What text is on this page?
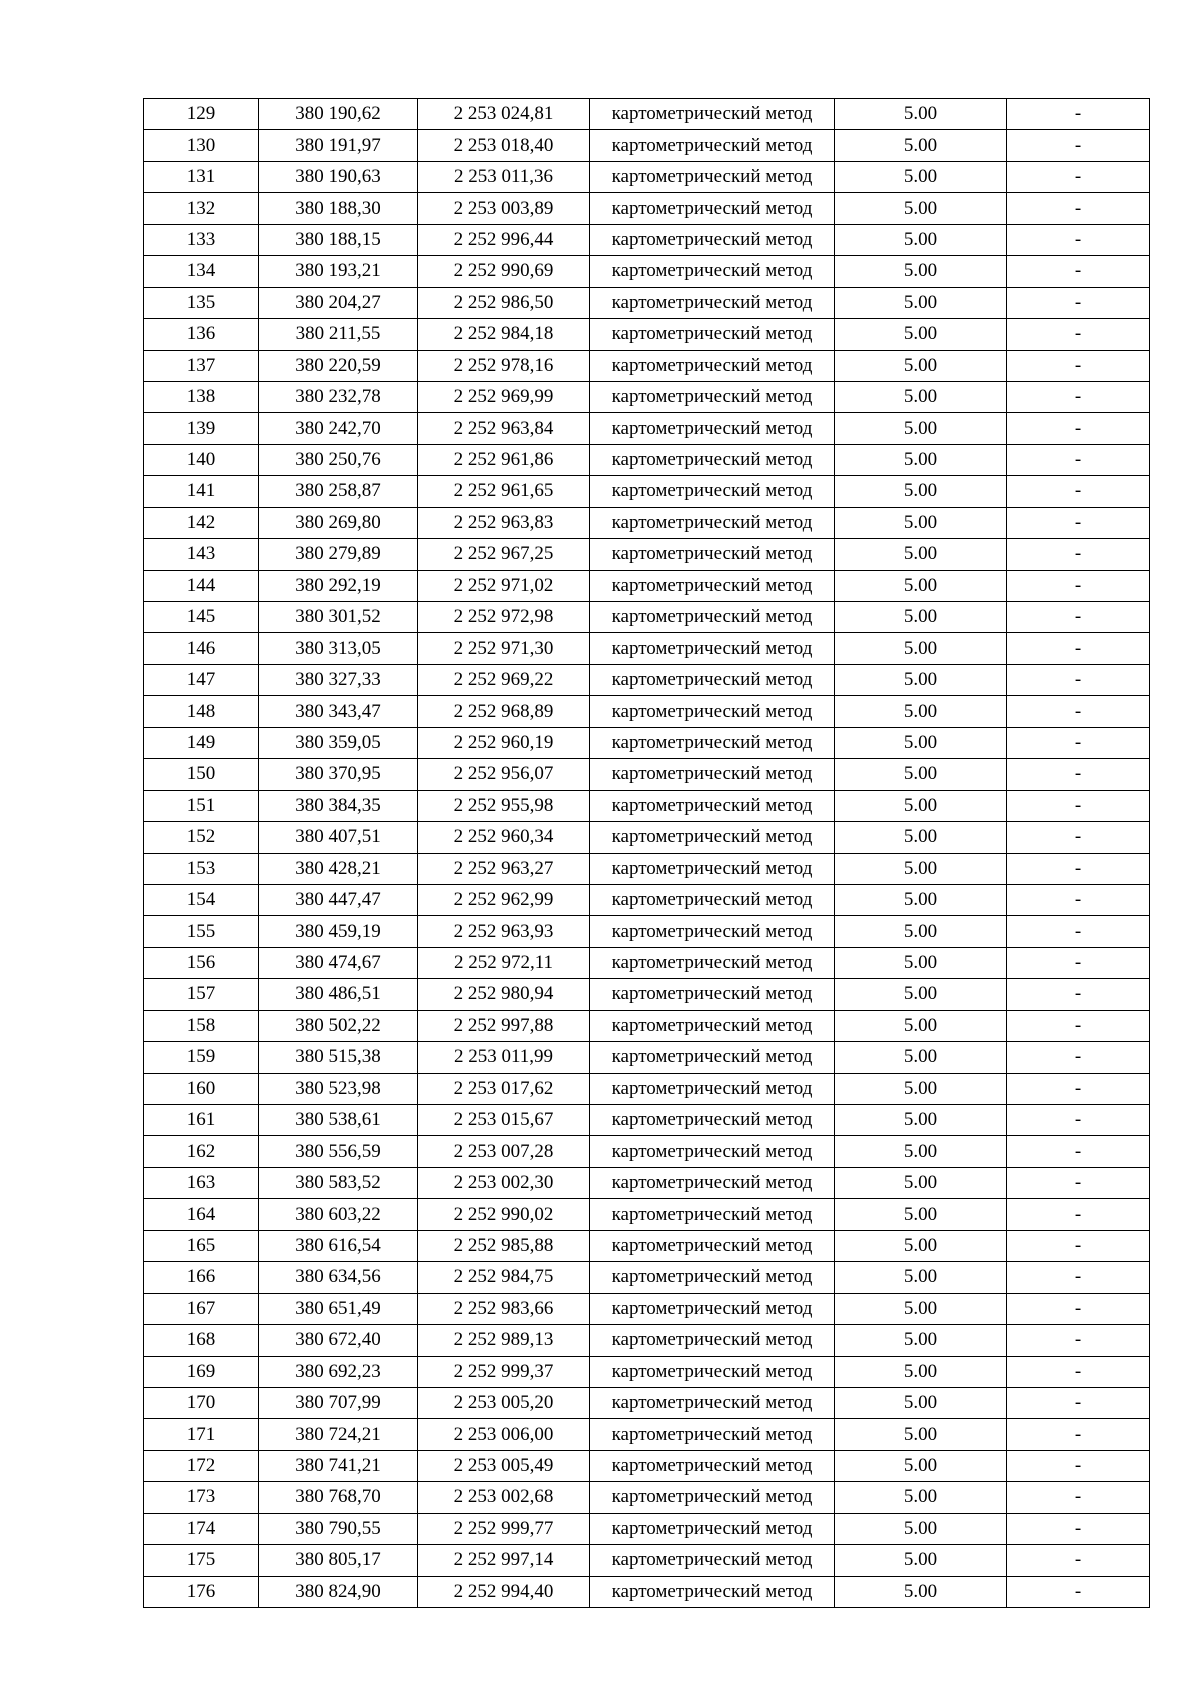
129	380 190,62	2 253 024,81	картометрический метод	5.00	-
130	380 191,97	2 253 018,40	картометрический метод	5.00	-
131	380 190,63	2 253 011,36	картометрический метод	5.00	-
132	380 188,30	2 253 003,89	картометрический метод	5.00	-
133	380 188,15	2 252 996,44	картометрический метод	5.00	-
134	380 193,21	2 252 990,69	картометрический метод	5.00	-
135	380 204,27	2 252 986,50	картометрический метод	5.00	-
136	380 211,55	2 252 984,18	картометрический метод	5.00	-
137	380 220,59	2 252 978,16	картометрический метод	5.00	-
138	380 232,78	2 252 969,99	картометрический метод	5.00	-
139	380 242,70	2 252 963,84	картометрический метод	5.00	-
140	380 250,76	2 252 961,86	картометрический метод	5.00	-
141	380 258,87	2 252 961,65	картометрический метод	5.00	-
142	380 269,80	2 252 963,83	картометрический метод	5.00	-
143	380 279,89	2 252 967,25	картометрический метод	5.00	-
144	380 292,19	2 252 971,02	картометрический метод	5.00	-
145	380 301,52	2 252 972,98	картометрический метод	5.00	-
146	380 313,05	2 252 971,30	картометрический метод	5.00	-
147	380 327,33	2 252 969,22	картометрический метод	5.00	-
148	380 343,47	2 252 968,89	картометрический метод	5.00	-
149	380 359,05	2 252 960,19	картометрический метод	5.00	-
150	380 370,95	2 252 956,07	картометрический метод	5.00	-
151	380 384,35	2 252 955,98	картометрический метод	5.00	-
152	380 407,51	2 252 960,34	картометрический метод	5.00	-
153	380 428,21	2 252 963,27	картометрический метод	5.00	-
154	380 447,47	2 252 962,99	картометрический метод	5.00	-
155	380 459,19	2 252 963,93	картометрический метод	5.00	-
156	380 474,67	2 252 972,11	картометрический метод	5.00	-
157	380 486,51	2 252 980,94	картометрический метод	5.00	-
158	380 502,22	2 252 997,88	картометрический метод	5.00	-
159	380 515,38	2 253 011,99	картометрический метод	5.00	-
160	380 523,98	2 253 017,62	картометрический метод	5.00	-
161	380 538,61	2 253 015,67	картометрический метод	5.00	-
162	380 556,59	2 253 007,28	картометрический метод	5.00	-
163	380 583,52	2 253 002,30	картометрический метод	5.00	-
164	380 603,22	2 252 990,02	картометрический метод	5.00	-
165	380 616,54	2 252 985,88	картометрический метод	5.00	-
166	380 634,56	2 252 984,75	картометрический метод	5.00	-
167	380 651,49	2 252 983,66	картометрический метод	5.00	-
168	380 672,40	2 252 989,13	картометрический метод	5.00	-
169	380 692,23	2 252 999,37	картометрический метод	5.00	-
170	380 707,99	2 253 005,20	картометрический метод	5.00	-
171	380 724,21	2 253 006,00	картометрический метод	5.00	-
172	380 741,21	2 253 005,49	картометрический метод	5.00	-
173	380 768,70	2 253 002,68	картометрический метод	5.00	-
174	380 790,55	2 252 999,77	картометрический метод	5.00	-
175	380 805,17	2 252 997,14	картометрический метод	5.00	-
176	380 824,90	2 252 994,40	картометрический метод	5.00	-
